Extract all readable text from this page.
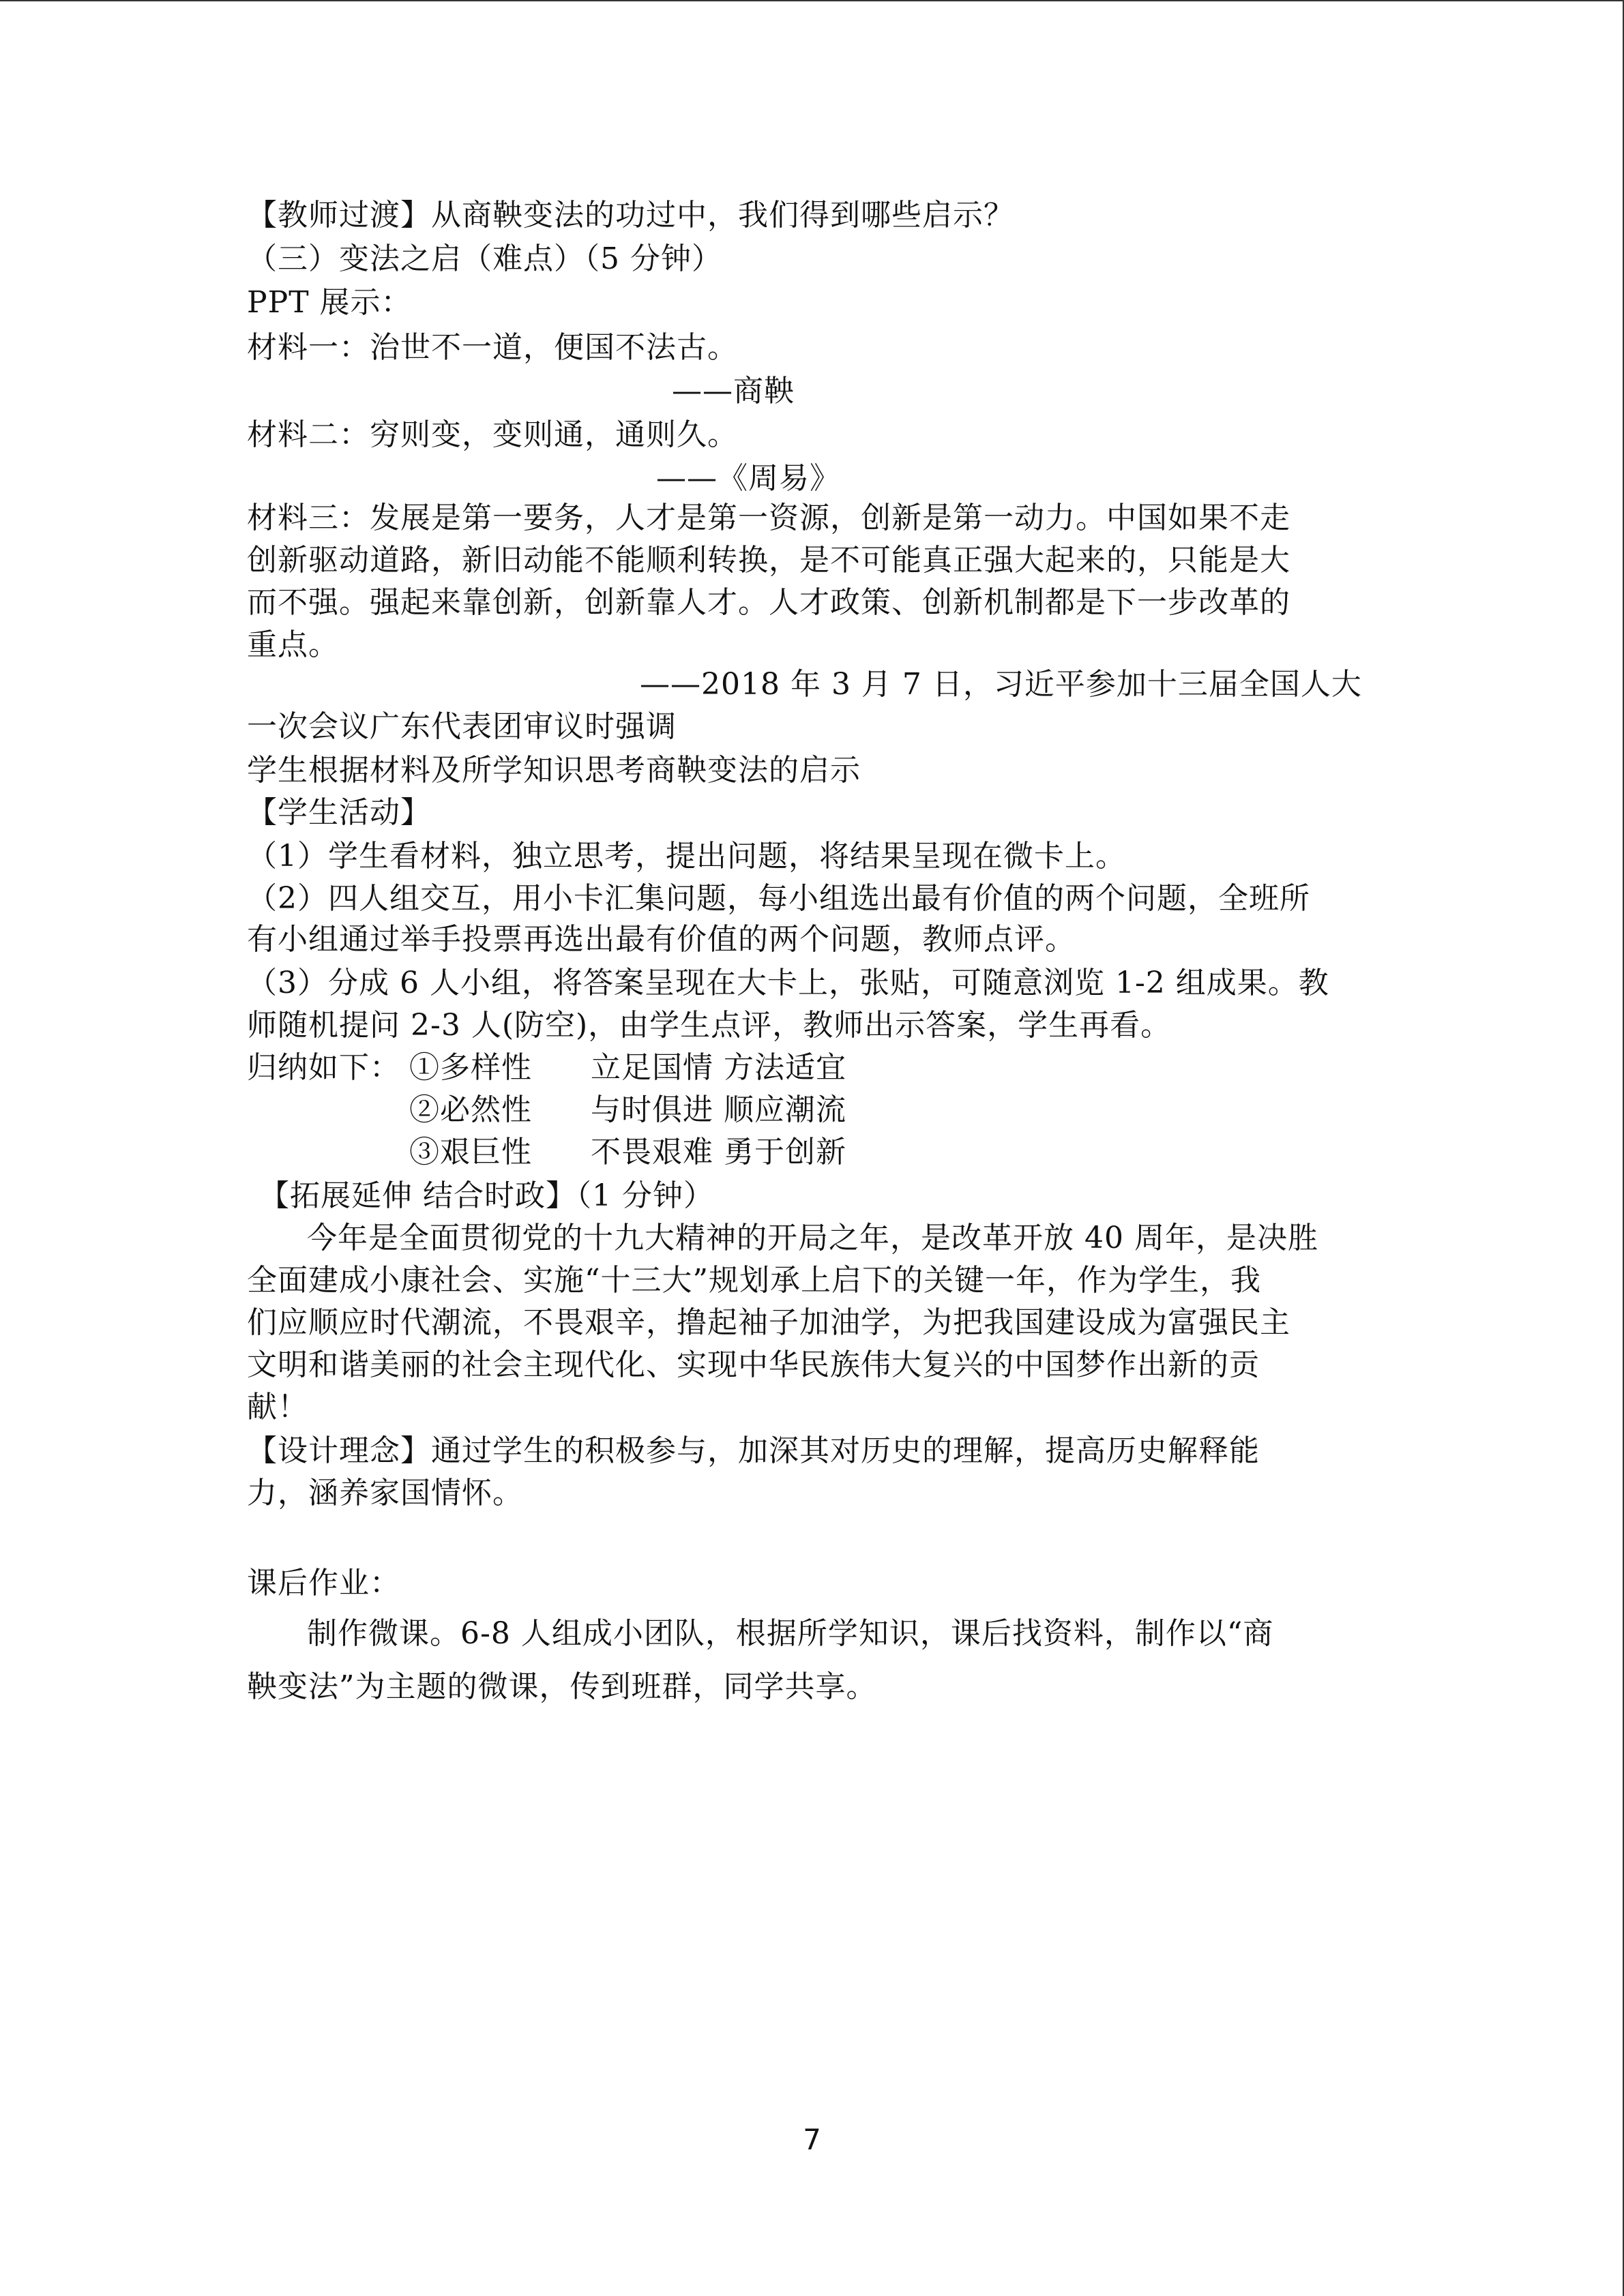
【教师过渡】从商鞅变法的功过中，我们得到哪些启示？
（三）变法之启（难点）（5 分钟）
PPT 展示：
材料一：治世不一道，便国不法古。
——商鞅
材料二：穷则变，变则通，通则久。
——《周易》
材料三：发展是第一要务，人才是第一资源，创新是第一动力。中国如果不走
创新驱动道路，新旧动能不能顺利转换，是不可能真正强大起来的，只能是大
而不强。强起来靠创新，创新靠人才。人才政策、创新机制都是下一步改革的
重点。
——2018 年 3 月 7 日，习近平参加十三届全国人大
一次会议广东代表团审议时强调
学生根据材料及所学知识思考商鞅变法的启示
【学生活动】
（1）学生看材料，独立思考，提出问题，将结果呈现在微卡上。
（2）四人组交互，用小卡汇集问题，每小组选出最有价值的两个问题，全班所
有小组通过举手投票再选出最有价值的两个问题，教师点评。
（3）分成 6 人小组，将答案呈现在大卡上，张贴，可随意浏览 1-2 组成果。教
师随机提问 2-3 人(防空)，由学生点评，教师出示答案，学生再看。
归纳如下： ①多样性 立足国情 方法适宜
②必然性 与时俱进 顺应潮流
③艰巨性 不畏艰难 勇于创新
【拓展延伸 结合时政】（1 分钟）
今年是全面贯彻党的十九大精神的开局之年，是改革开放 40 周年，是决胜
全面建成小康社会、实施“十三大”规划承上启下的关键一年，作为学生，我
们应顺应时代潮流，不畏艰辛，撸起袖子加油学，为把我国建设成为富强民主
文明和谐美丽的社会主现代化、实现中华民族伟大复兴的中国梦作出新的贡
献！
【设计理念】通过学生的积极参与，加深其对历史的理解，提高历史解释能
力，涵养家国情怀。
课后作业：
制作微课。6-8 人组成小团队，根据所学知识，课后找资料，制作以“商
鞅变法”为主题的微课，传到班群，同学共享。
7
